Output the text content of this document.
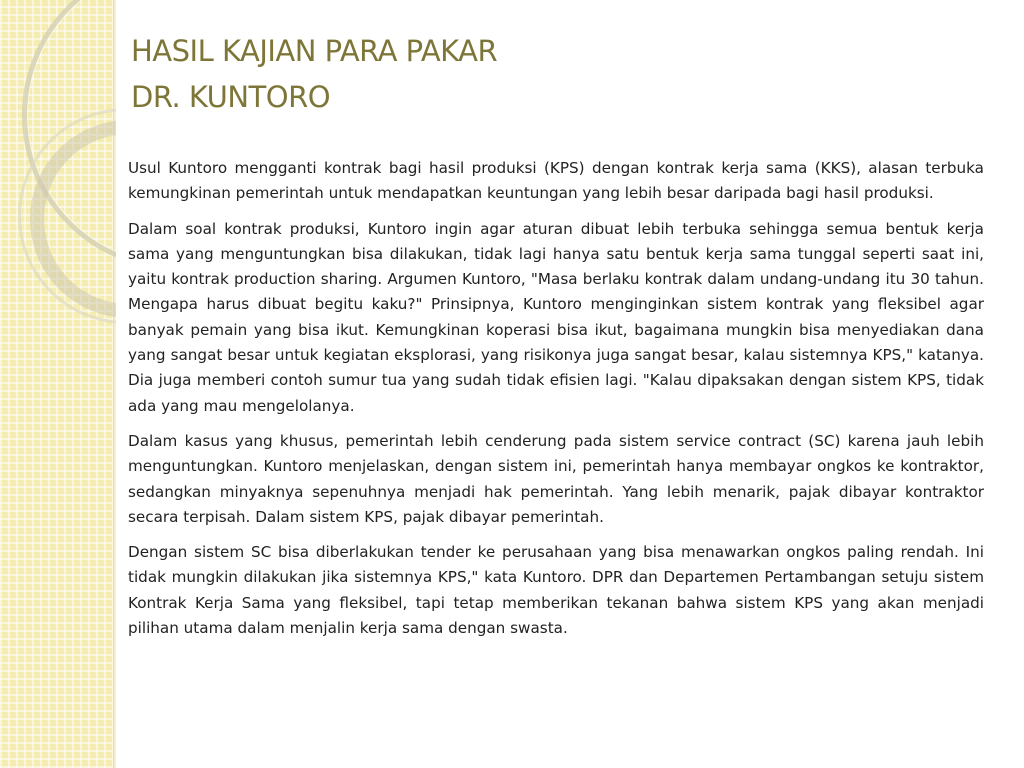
HASIL KAJIAN PARA PAKAR
DR. KUNTORO

Usul Kuntoro mengganti kontrak bagi hasil produksi (KPS) dengan kontrak kerja sama (KKS), alasan terbuka kemungkinan pemerintah untuk mendapatkan keuntungan yang lebih besar daripada bagi hasil produksi.

Dalam soal kontrak produksi, Kuntoro ingin agar aturan dibuat lebih terbuka sehingga semua bentuk kerja sama yang menguntungkan bisa dilakukan, tidak lagi hanya satu bentuk kerja sama tunggal seperti saat ini, yaitu kontrak production sharing. Argumen Kuntoro, "Masa berlaku kontrak dalam undang-undang itu 30 tahun. Mengapa harus dibuat begitu kaku?" Prinsipnya, Kuntoro menginginkan sistem kontrak yang fleksibel agar banyak pemain yang bisa ikut. Kemungkinan koperasi bisa ikut, bagaimana mungkin bisa menyediakan dana yang sangat besar untuk kegiatan eksplorasi, yang risikonya juga sangat besar, kalau sistemnya KPS," katanya. Dia juga memberi contoh sumur tua yang sudah tidak efisien lagi. "Kalau dipaksakan dengan sistem KPS, tidak ada yang mau mengelolanya.

Dalam kasus yang khusus, pemerintah lebih cenderung pada sistem service contract (SC) karena jauh lebih menguntungkan. Kuntoro menjelaskan, dengan sistem ini, pemerintah hanya membayar ongkos ke kontraktor, sedangkan minyaknya sepenuhnya menjadi hak pemerintah. Yang lebih menarik, pajak dibayar kontraktor secara terpisah. Dalam sistem KPS, pajak dibayar pemerintah.

Dengan sistem SC bisa diberlakukan tender ke perusahaan yang bisa menawarkan ongkos paling rendah. Ini tidak mungkin dilakukan jika sistemnya KPS," kata Kuntoro. DPR dan Departemen Pertambangan setuju sistem Kontrak Kerja Sama yang fleksibel, tapi tetap memberikan tekanan bahwa sistem KPS yang akan menjadi pilihan utama dalam menjalin kerja sama dengan swasta.
